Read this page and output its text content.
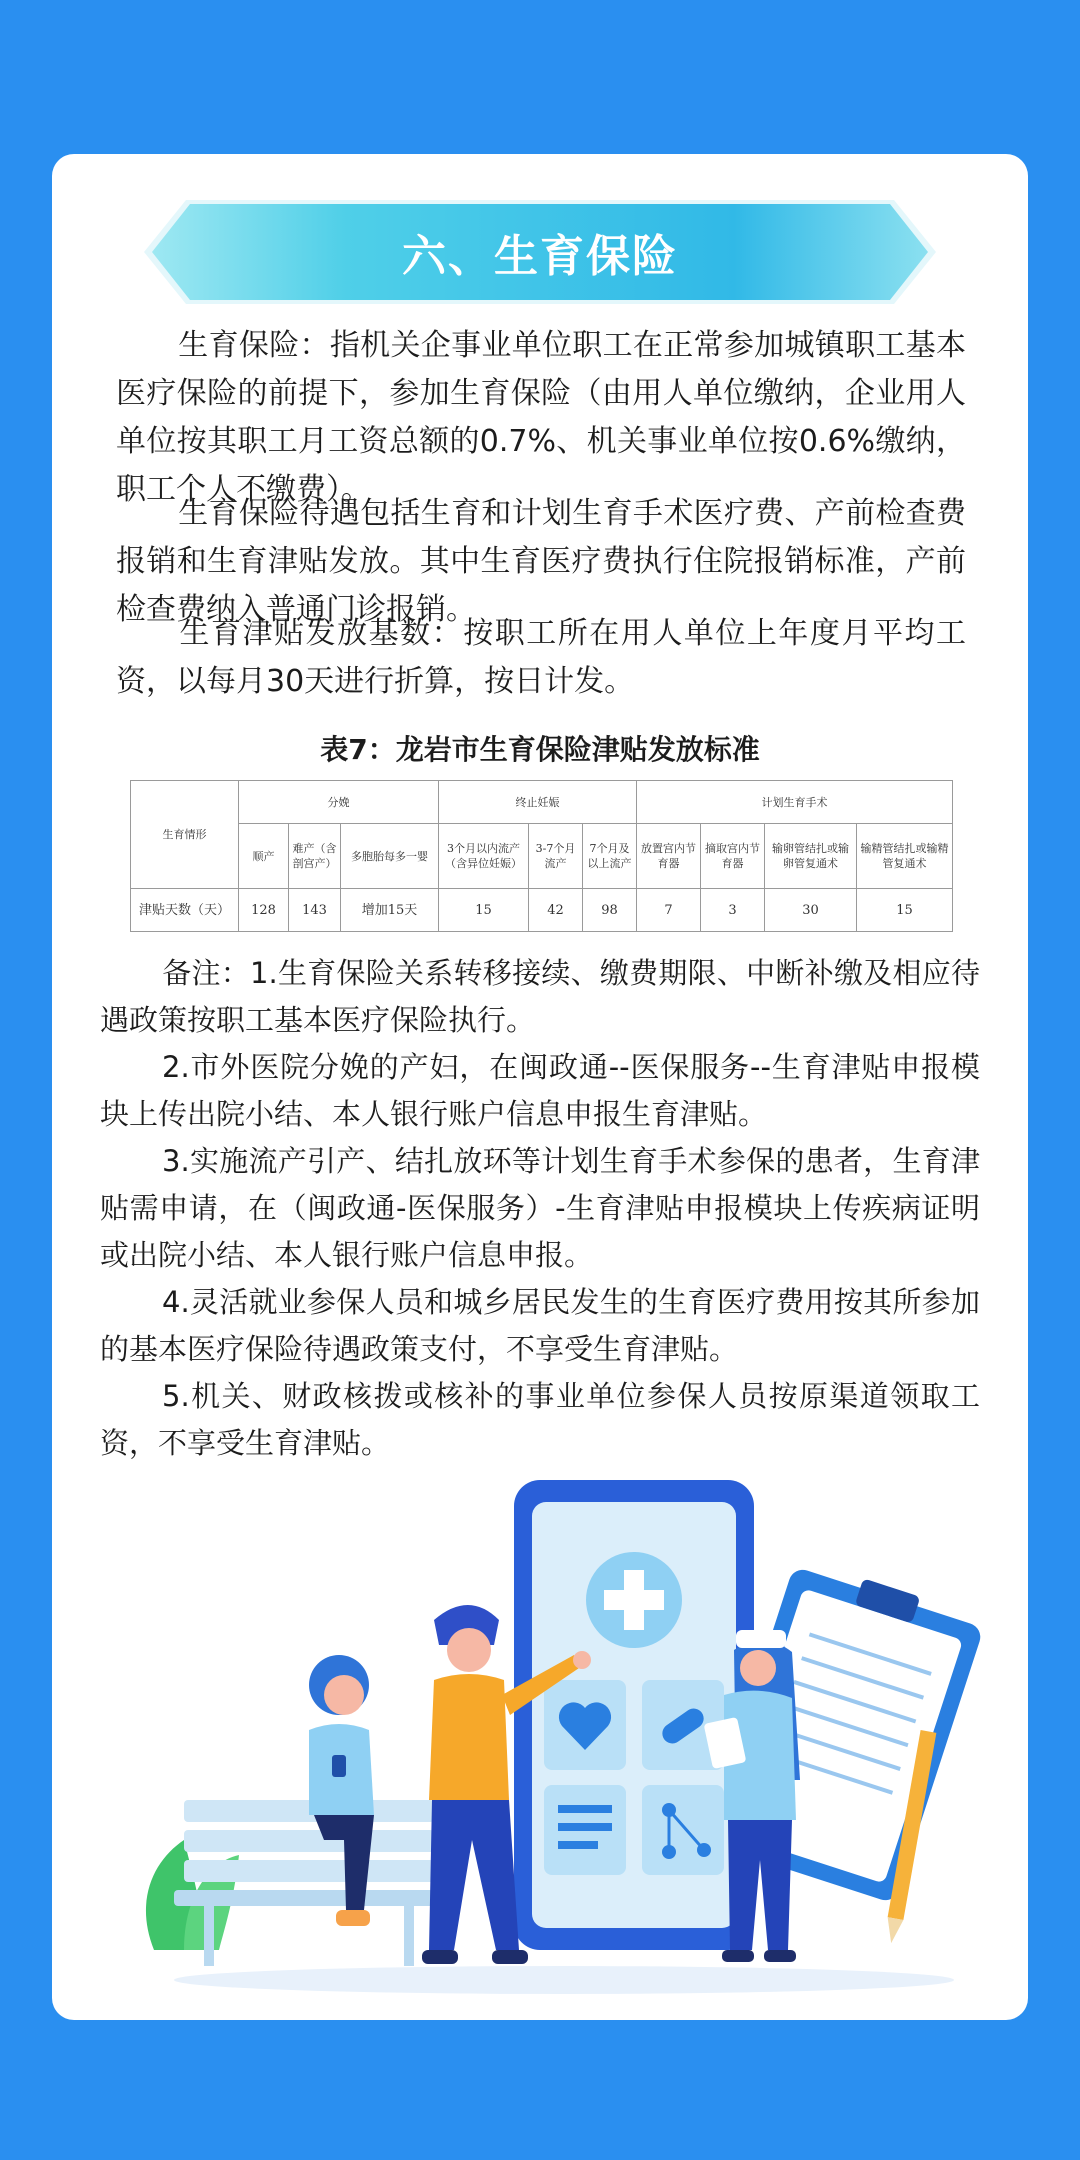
六、生育保险

生育保险：指机关企事业单位职工在正常参加城镇职工基本医疗保险的前提下，参加生育保险（由用人单位缴纳，企业用人单位按其职工月工资总额的0.7%、机关事业单位按0.6%缴纳，职工个人不缴费）。

生育保险待遇包括生育和计划生育手术医疗费、产前检查费报销和生育津贴发放。其中生育医疗费执行住院报销标准，产前检查费纳入普通门诊报销。

生育津贴发放基数：按职工所在用人单位上年度月平均工资，以每月30天进行折算，按日计发。

表7：龙岩市生育保险津贴发放标准
生育情形	分娩			终止妊娠			计划生育手术			
	顺产	难产（含剖宫产）	多胞胎每多一婴	3个月以内流产（含异位妊娠）	3-7个月流产	7个月及以上流产	放置宫内节育器	摘取宫内节育器	输卵管结扎或输卵管复通术	输精管结扎或输精管复通术
津贴天数（天）	128	143	增加15天	15	42	98	7	3	30	15

备注：1.生育保险关系转移接续、缴费期限、中断补缴及相应待遇政策按职工基本医疗保险执行。

2.市外医院分娩的产妇，在闽政通--医保服务--生育津贴申报模块上传出院小结、本人银行账户信息申报生育津贴。

3.实施流产引产、结扎放环等计划生育手术参保的患者，生育津贴需申请，在（闽政通-医保服务）-生育津贴申报模块上传疾病证明或出院小结、本人银行账户信息申报。

4.灵活就业参保人员和城乡居民发生的生育医疗费用按其所参加的基本医疗保险待遇政策支付，不享受生育津贴。

5.机关、财政核拨或核补的事业单位参保人员按原渠道领取工资，不享受生育津贴。
